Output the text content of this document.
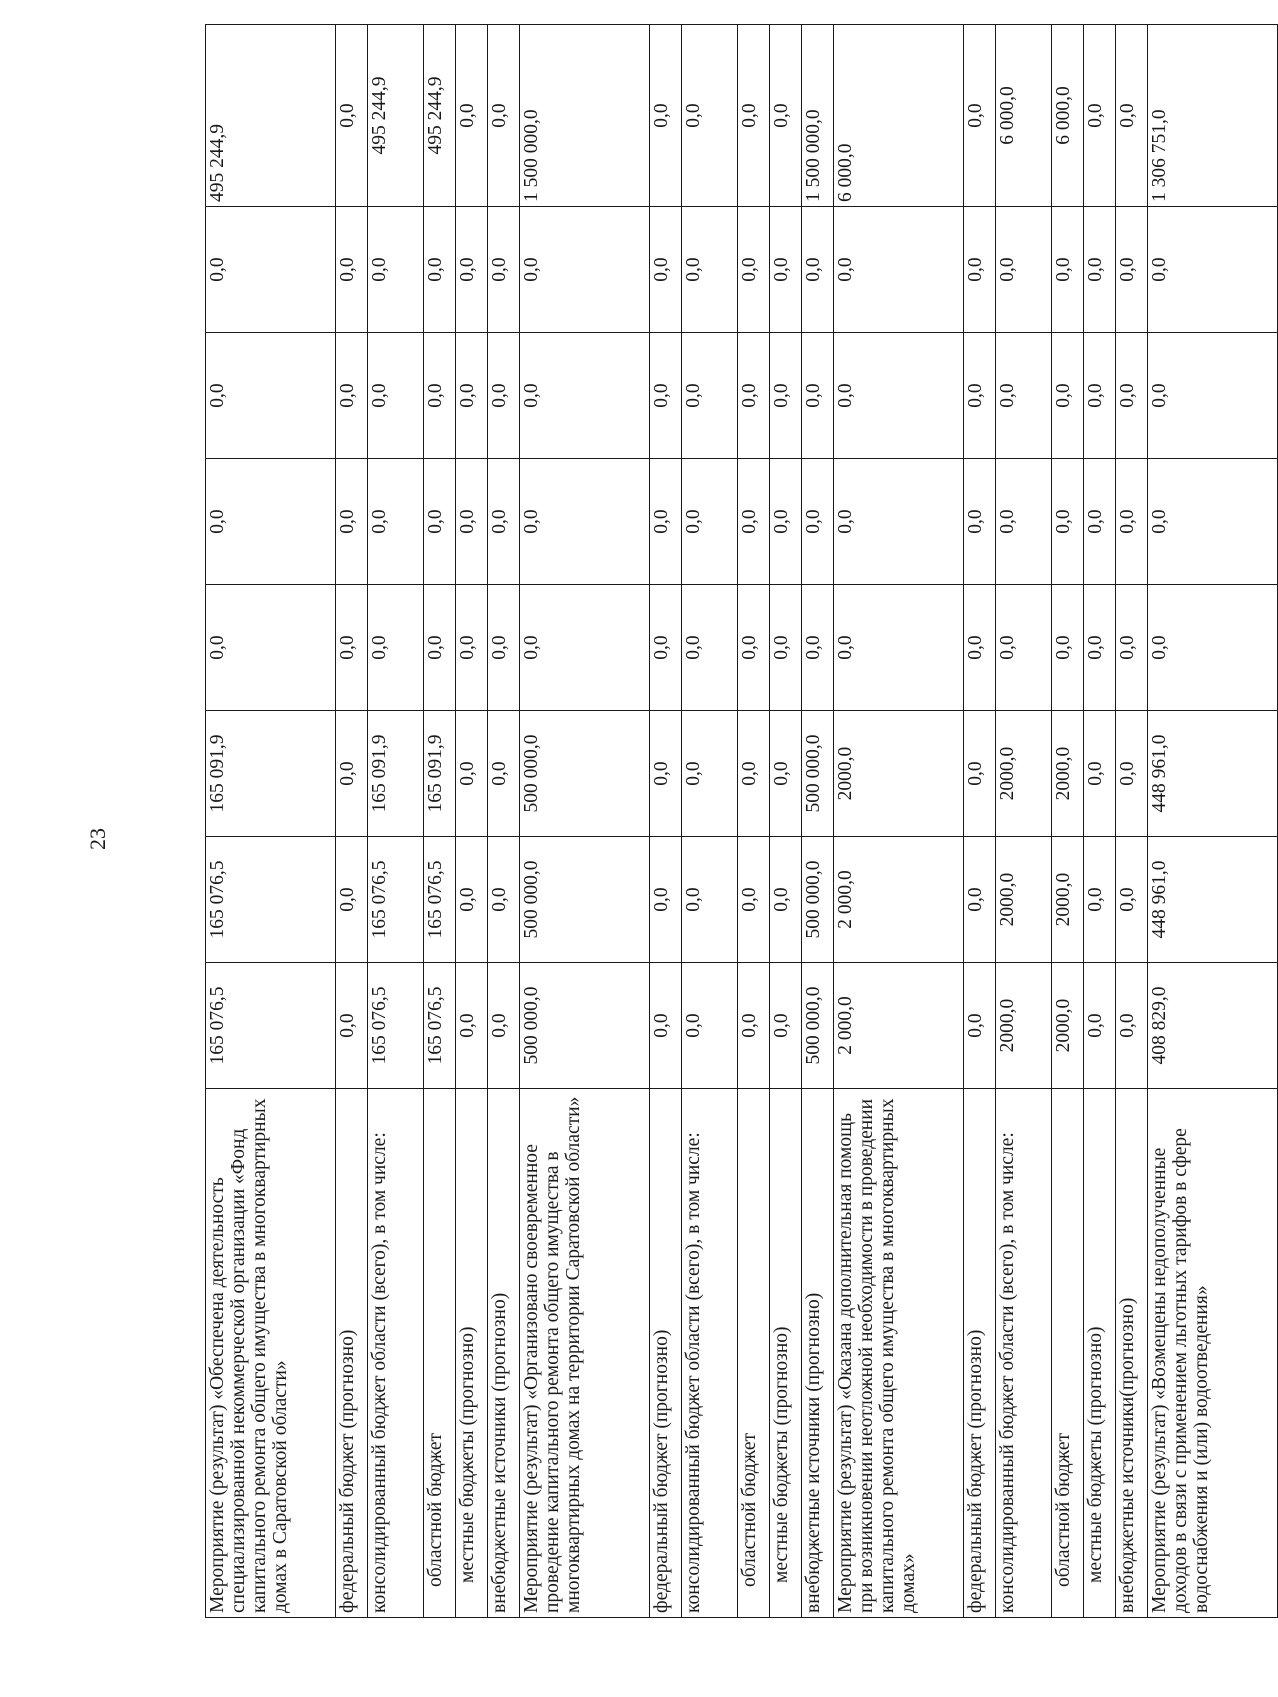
23
Мероприятие (результат) «Обеспечена деятельность специализированной некоммерческой организации «Фонд капитального ремонта общего имущества в многоквартирных домах в Саратовской области»	165 076,5	165 076,5	165 091,9	0,0	0,0	0,0	0,0	495 244,9
федеральный бюджет (прогнозно)	0,0	0,0	0,0	0,0	0,0	0,0	0,0	0,0
консолидированный бюджет области (всего), в том числе:	165 076,5	165 076,5	165 091,9	0,0	0,0	0,0	0,0	495 244,9
областной бюджет	165 076,5	165 076,5	165 091,9	0,0	0,0	0,0	0,0	495 244,9
местные бюджеты (прогнозно)	0,0	0,0	0,0	0,0	0,0	0,0	0,0	0,0
внебюджетные источники (прогнозно)	0,0	0,0	0,0	0,0	0,0	0,0	0,0	0,0
Мероприятие (результат) «Организовано своевременное проведение капитального ремонта общего имущества в многоквартирных домах на территории Саратовской области»	500 000,0	500 000,0	500 000,0	0,0	0,0	0,0	0,0	1 500 000,0
федеральный бюджет (прогнозно)	0,0	0,0	0,0	0,0	0,0	0,0	0,0	0,0
консолидированный бюджет области (всего), в том числе:	0,0	0,0	0,0	0,0	0,0	0,0	0,0	0,0
областной бюджет	0,0	0,0	0,0	0,0	0,0	0,0	0,0	0,0
местные бюджеты (прогнозно)	0,0	0,0	0,0	0,0	0,0	0,0	0,0	0,0
внебюджетные источники (прогнозно)	500 000,0	500 000,0	500 000,0	0,0	0,0	0,0	0,0	1 500 000,0
Мероприятие (результат) «Оказана дополнительная помощь при возникновении неотложной необходимости в проведении капитального ремонта общего имущества в многоквартирных домах»	2 000,0	2 000,0	2000,0	0,0	0,0	0,0	0,0	6 000,0
федеральный бюджет (прогнозно)	0,0	0,0	0,0	0,0	0,0	0,0	0,0	0,0
консолидированный бюджет области (всего), в том числе:	2000,0	2000,0	2000,0	0,0	0,0	0,0	0,0	6 000,0
областной бюджет	2000,0	2000,0	2000,0	0,0	0,0	0,0	0,0	6 000,0
местные бюджеты (прогнозно)	0,0	0,0	0,0	0,0	0,0	0,0	0,0	0,0
внебюджетные источники(прогнозно)	0,0	0,0	0,0	0,0	0,0	0,0	0,0	0,0
Мероприятие (результат) «Возмещены недополученные доходов в связи с применением льготных тарифов в сфере водоснабжения и (или) водоотведения»	408 829,0	448 961,0	448 961,0	0,0	0,0	0,0	0,0	1 306 751,0
